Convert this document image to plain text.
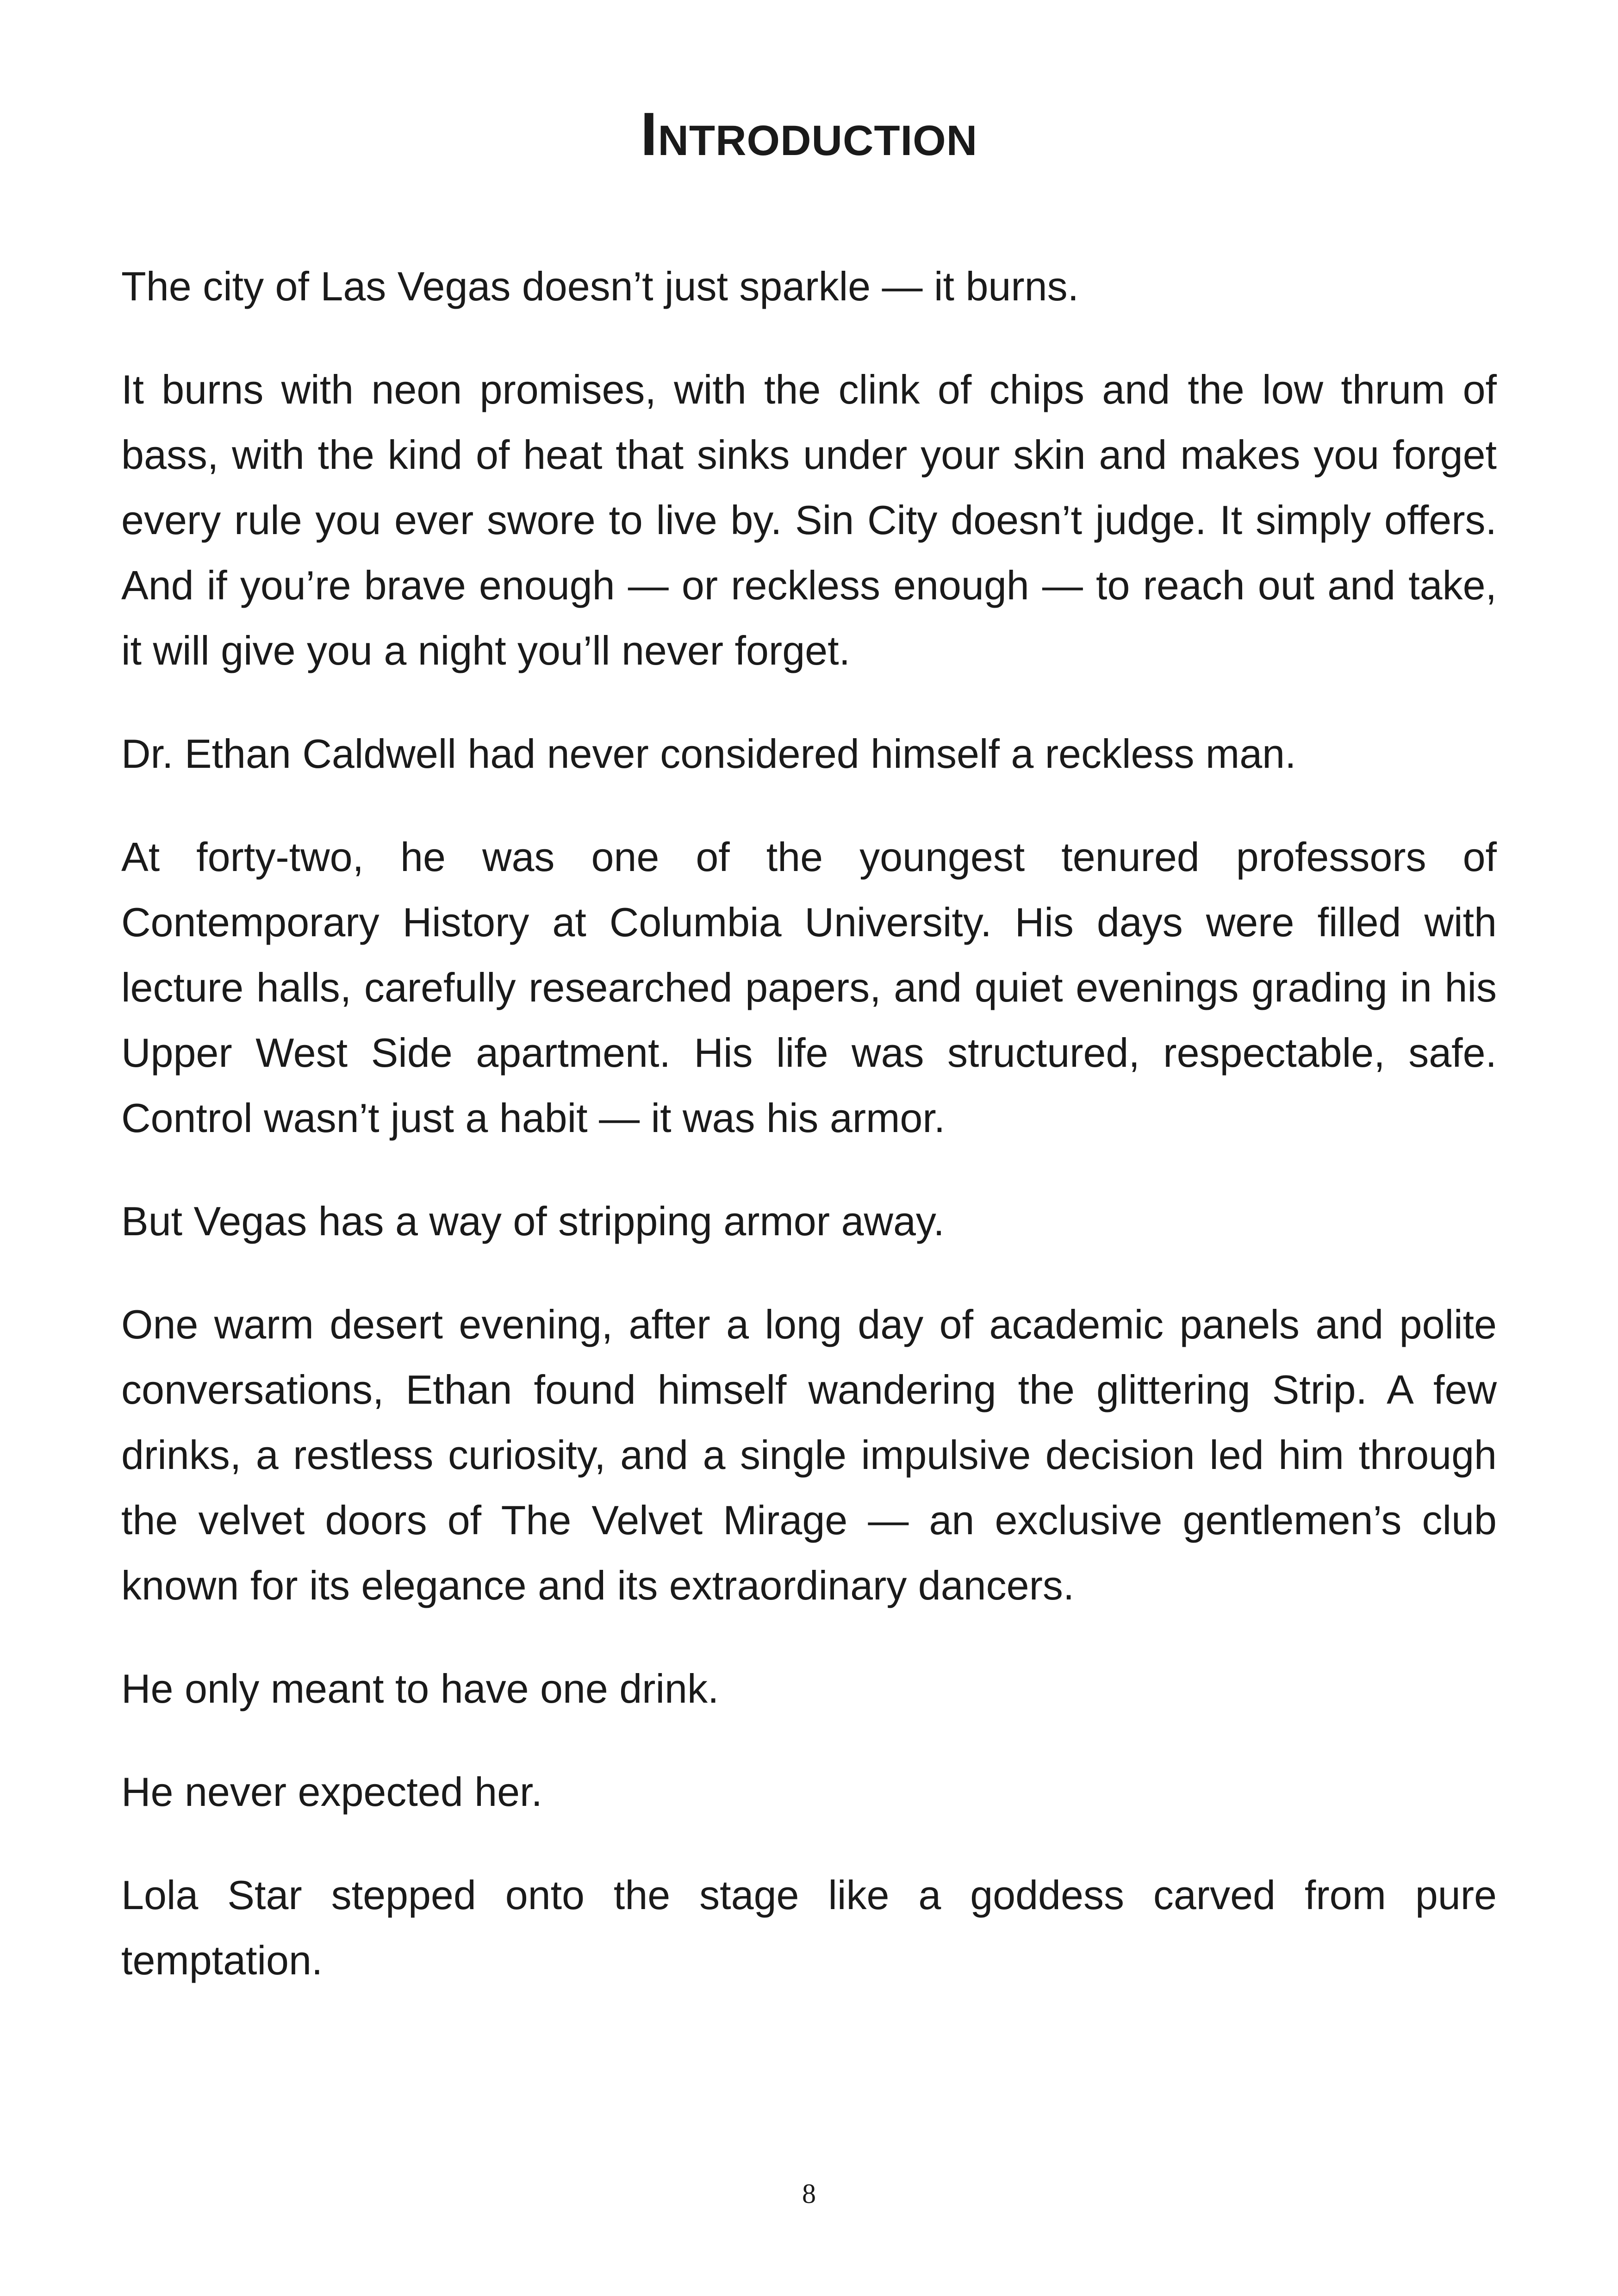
Introduction

The city of Las Vegas doesn’t just sparkle — it burns.

It burns with neon promises, with the clink of chips and the low thrum of bass, with the kind of heat that sinks under your skin and makes you forget every rule you ever swore to live by. Sin City doesn’t judge. It simply offers. And if you’re brave enough — or reckless enough — to reach out and take, it will give you a night you’ll never forget.

Dr. Ethan Caldwell had never considered himself a reckless man.

At forty-two, he was one of the youngest tenured professors of Contemporary History at Columbia University. His days were filled with lecture halls, carefully researched papers, and quiet evenings grading in his Upper West Side apartment. His life was structured, respectable, safe. Control wasn’t just a habit — it was his armor.

But Vegas has a way of stripping armor away.

One warm desert evening, after a long day of academic panels and polite conversations, Ethan found himself wandering the glittering Strip. A few drinks, a restless curiosity, and a single impulsive decision led him through the velvet doors of The Velvet Mirage — an exclusive gentlemen’s club known for its elegance and its extraordinary dancers.

He only meant to have one drink.

He never expected her.

Lola Star stepped onto the stage like a goddess carved from pure temptation.

8
